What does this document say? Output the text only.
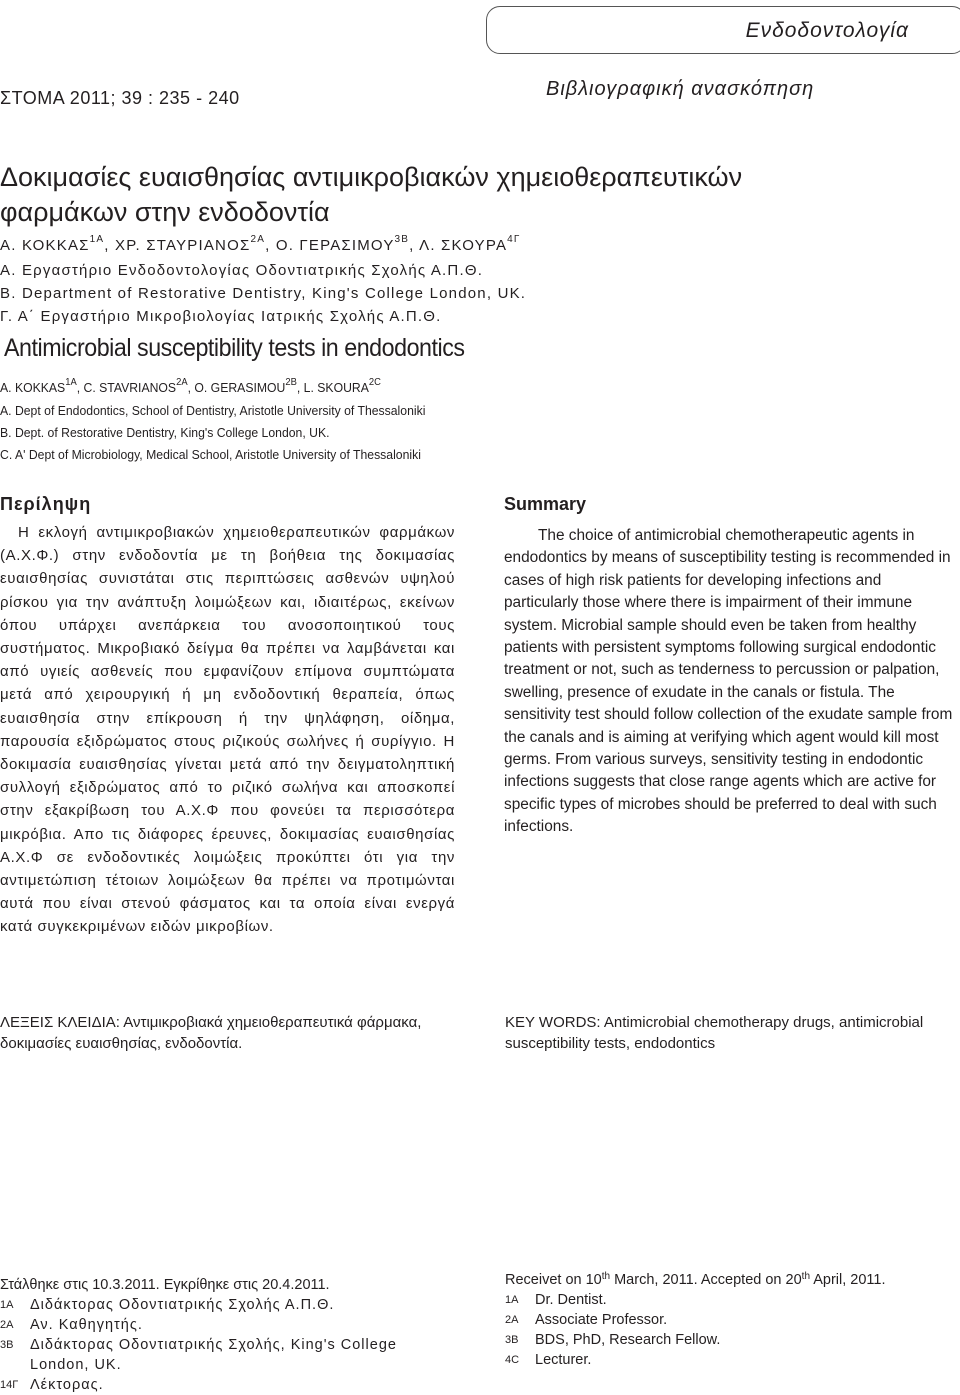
Ενδοδοντολογία
ΣΤΟΜΑ 2011; 39 : 235 - 240	Βιβλιογραφική ανασκόπηση
Δοκιμασίες ευαισθησίας αντιμικροβιακών χημειοθεραπευτικών
φαρμάκων στην ενδοδοντία
Α. $KOKKA\Sigma^{1A}$, ΧΡ. $\Sigma TA\Upsilon PIANO\Sigma^{2A}$, Ο. $\Gamma EPA\Sigma IMO\Upsilon^{3B}$, Λ. $\Sigma KO\Upsilon PA^{4\Gamma}$
Α. Εργαστήριο Ενδοδοντολογίας Οδοντιατρικής Σχολής Α.Π.Θ.
Β. Department of Restorative Dentistry, King's College London, UK.
Γ. Α΄ Εργαστήριο Μικροβιολογίας Ιατρικής Σχολής Α.Π.Θ.
Antimicrobial susceptibility tests in endodontics
A. $KOKKAS^{1A}$, C. $STAVRIANOS^{2A}$, O. $GERASIMOU^{2B}$, L. $SKOURA^{2C}$
A. Dept of Endodontics, School of Dentistry, Aristotle University of Thessaloniki
B. Dept. of Restorative Dentistry, King's College London, UK.
C. A' Dept of Microbiology, Medical School, Aristotle University of Thessaloniki
Περίληψη	Summary

Η εκλογή αντιμικροβιακών χημειοθεραπευτικών φαρμάκων (Α.Χ.Φ.) στην ενδοδοντία με τη βοήθεια της δοκιμασίας ευαισθησίας συνιστάται στις περιπτώσεις ασθενών υψηλού ρίσκου για την ανάπτυξη λοιμώξεων και, ιδιαιτέρως, εκείνων όπου υπάρχει ανεπάρκεια του ανοσοποιητικού τους συστήματος. Μικροβιακό δείγμα θα πρέπει να λαμβάνεται και από υγιείς ασθενείς που εμφανίζουν επίμονα συμπτώματα μετά από χειρουργική ή μη ενδοδοντική θεραπεία, όπως ευαισθησία στην επίκρουση ή την ψηλάφηση, οίδημα, παρουσία εξιδρώματος στους ριζικούς σωλήνες ή συρίγγιο. Η δοκιμασία ευαισθησίας γίνεται μετά από την δειγματοληπτική συλλογή εξιδρώματος από το ριζικό σωλήνα και αποσκοπεί στην εξακρίβωση του Α.Χ.Φ που φονεύει τα περισσότερα μικρόβια. Απο τις διάφορες έρευνες, δοκιμασίας ευαισθησίας Α.Χ.Φ σε ενδοδοντικές λοιμώξεις προκύπτει ότι για την αντιμετώπιση τέτοιων λοιμώξεων θα πρέπει να προτιμώνται αυτά που είναι στενού φάσματος και τα οποία είναι ενεργά κατά συγκεκριμένων ειδών μικροβίων.

The choice of antimicrobial chemotherapeutic agents in endodontics by means of susceptibility testing is recommended in cases of high risk patients for developing infections and particularly those where there is impairment of their immune system. Microbial sample should even be taken from healthy patients with persistent symptoms following surgical endodontic treatment or not, such as tenderness to percussion or palpation, swelling, presence of exudate in the canals or fistula. The sensitivity test should follow collection of the exudate sample from the canals and is aiming at verifying which agent would kill most germs. From various surveys, sensitivity testing in endodontic infections suggests that close range agents which are active for specific types of microbes should be preferred to deal with such infections.

ΛΕΞΕΙΣ ΚΛΕΙΔΙΑ: Αντιμικροβιακά χημειοθεραπευτικά φάρμακα, δοκιμασίες ευαισθησίας, ενδοδοντία.
KEY WORDS: Antimicrobial chemotherapy drugs, antimicrobial susceptibility tests, endodontics
Στάλθηκε στις 10.3.2011. Εγκρίθηκε στις 20.4.2011.
1Α Διδάκτορας Οδοντιατρικής Σχολής Α.Π.Θ.
2Α Αν. Καθηγητής.
3Β	Διδάκτορας Οδοντιατρικής Σχολής, King's College London, UK.
14Γ Λέκτορας.
Receivet on 10th March, 2011. Accepted on 20th April, 2011.
1A Dr. Dentist.
2A Associate Professor.
3B BDS, PhD, Research Fellow.
4C Lecturer.
